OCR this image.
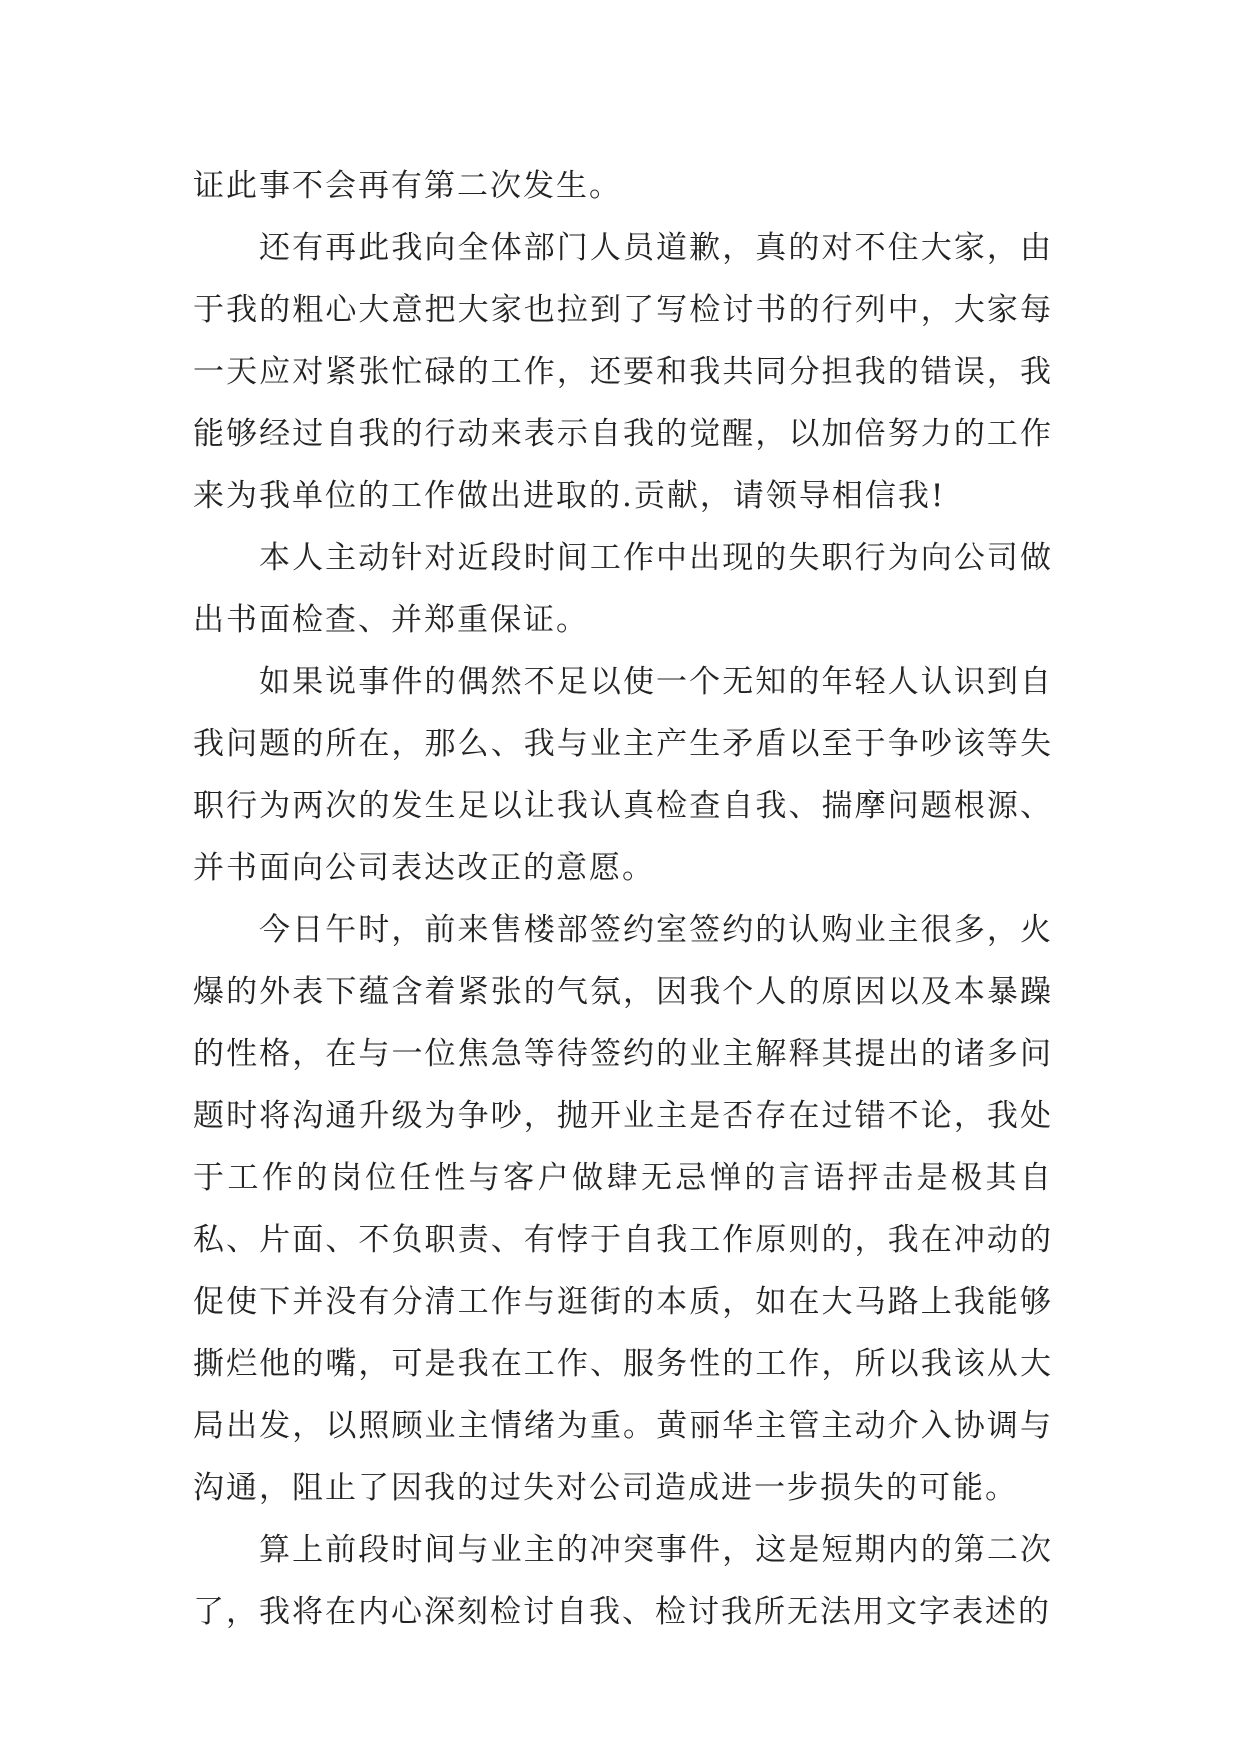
证此事不会再有第二次发生。

还有再此我向全体部门人员道歉，真的对不住大家，由于我的粗心大意把大家也拉到了写检讨书的行列中，大家每一天应对紧张忙碌的工作，还要和我共同分担我的错误，我能够经过自我的行动来表示自我的觉醒，以加倍努力的工作来为我单位的工作做出进取的.贡献，请领导相信我!

本人主动针对近段时间工作中出现的失职行为向公司做出书面检查、并郑重保证。

如果说事件的偶然不足以使一个无知的年轻人认识到自我问题的所在，那么、我与业主产生矛盾以至于争吵该等失职行为两次的发生足以让我认真检查自我、揣摩问题根源、并书面向公司表达改正的意愿。

今日午时，前来售楼部签约室签约的认购业主很多，火爆的外表下蕴含着紧张的气氛，因我个人的原因以及本暴躁的性格，在与一位焦急等待签约的业主解释其提出的诸多问题时将沟通升级为争吵，抛开业主是否存在过错不论，我处于工作的岗位任性与客户做肆无忌惮的言语抨击是极其自私、片面、不负职责、有悖于自我工作原则的，我在冲动的促使下并没有分清工作与逛街的本质，如在大马路上我能够撕烂他的嘴，可是我在工作、服务性的工作，所以我该从大局出发，以照顾业主情绪为重。黄丽华主管主动介入协调与沟通，阻止了因我的过失对公司造成进一步损失的可能。

算上前段时间与业主的冲突事件，这是短期内的第二次了，我将在内心深刻检讨自我、检讨我所无法用文字表述的
